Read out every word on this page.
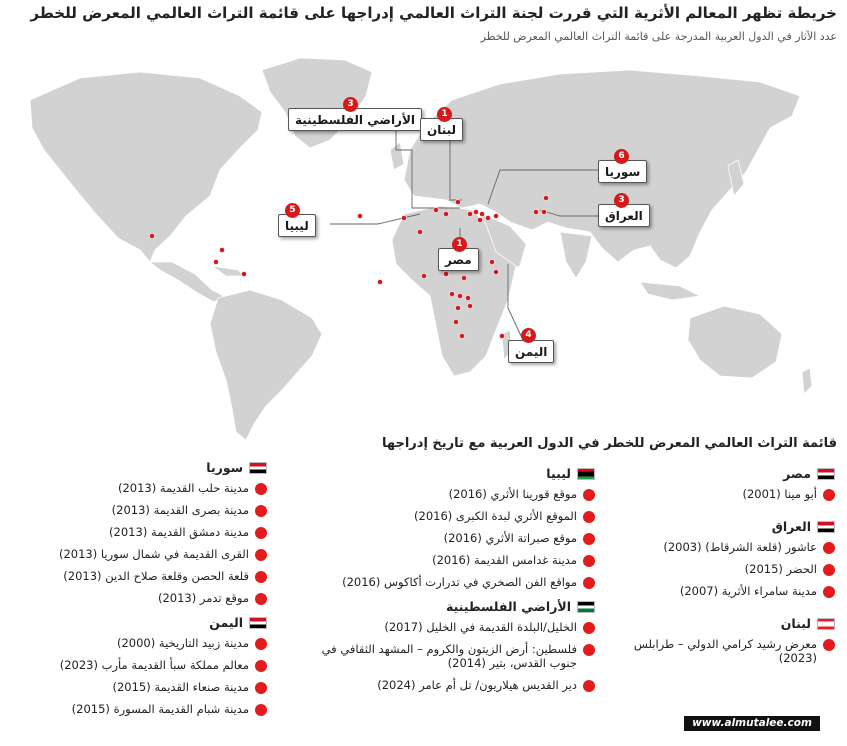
خريطة تظهر المعالم الأثرية التي قررت لجنة التراث العالمي إدراجها على قائمة التراث العالمي المعرض للخطر
عدد الآثار في الدول العربية المدرجة على قائمة التراث العالمي المعرض للخطر
الأراضي الفلسطينية
3
لبنان
1
سوريا
6
العراق
3
ليبيا
5
مصر
1
اليمن
4
قائمة التراث العالمي المعرض للخطر في الدول العربية مع تاريخ إدراجها
مصر
أبو مينا (2001)
العراق
عاشور (قلعة الشرقاط) (2003)
الحضر (2015)
مدينة سامراء الأثرية (2007)
لبنان
معرض رشيد كرامي الدولي – طرابلس (2023)
ليبيا
موقع قورينا الأثري (2016)
الموقع الأثري لبدة الكبرى (2016)
موقع صبراتة الأثري (2016)
مدينة غدامس القديمة (2016)
مواقع الفن الصخري في تدرارت أكاكوس (2016)
الأراضي الفلسطينية
الخليل/البلدة القديمة في الخليل (2017)
فلسطين: أرض الزيتون والكروم – المشهد الثقافي في جنوب القدس، بتير (2014)
دير القديس هيلاريون/ تل أم عامر (2024)
سوريا
مدينة حلب القديمة (2013)
مدينة بصرى القديمة (2013)
مدينة دمشق القديمة (2013)
القرى القديمة في شمال سوريا (2013)
قلعة الحصن وقلعة صلاح الدين (2013)
موقع تدمر (2013)
اليمن
مدينة زبيد التاريخية (2000)
معالم مملكة سبأ القديمة مأرب (2023)
مدينة صنعاء القديمة (2015)
مدينة شبام القديمة المسورة (2015)
www.almutalee.com
